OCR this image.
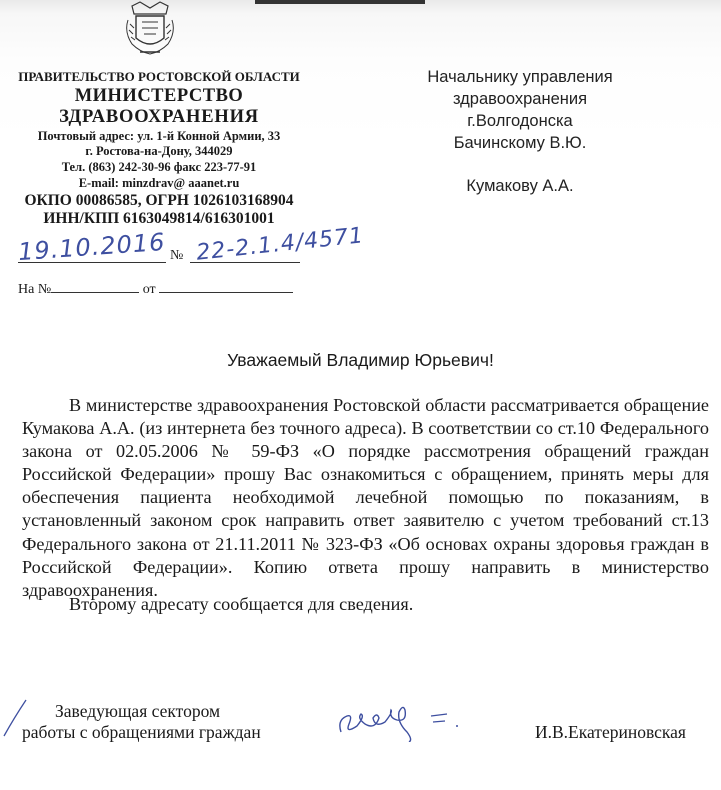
ПРАВИТЕЛЬСТВО РОСТОВСКОЙ ОБЛАСТИ
МИНИСТЕРСТВО
ЗДРАВООХРАНЕНИЯ
Почтовый адрес: ул. 1-й Конной Армии, 33
г. Ростова-на-Дону, 344029
Тел. (863) 242-30-96 факс 223-77-91
E-mail: minzdrav@ aaanet.ru
ОКПО 00086585, ОГРН 1026103168904
ИНН/КПП 6163049814/616301001
19.10.2016 № 22-2.1.4/4571
На №	от
Начальнику управления
здравоохранения
г.Волгодонска
Бачинскому В.Ю.
Кумакову А.А.
Уважаемый Владимир Юрьевич!

В министерстве здравоохранения Ростовской области рассматривается обращение Кумакова А.А. (из интернета без точного адреса). В соответствии со ст.10 Федерального закона от 02.05.2006 № 59-ФЗ «О порядке рассмотрения обращений граждан Российской Федерации» прошу Вас ознакомиться с обращением, принять меры для обеспечения пациента необходимой лечебной помощью по показаниям, в установленный законом срок направить ответ заявителю с учетом требований ст.13 Федерального закона от 21.11.2011 № 323-ФЗ «Об основах охраны здоровья граждан в Российской Федерации». Копию ответа прошу направить в министерство здравоохранения.

Второму адресату сообщается для сведения.
Заведующая сектором
работы с обращениями граждан	И.В.Екатериновская
